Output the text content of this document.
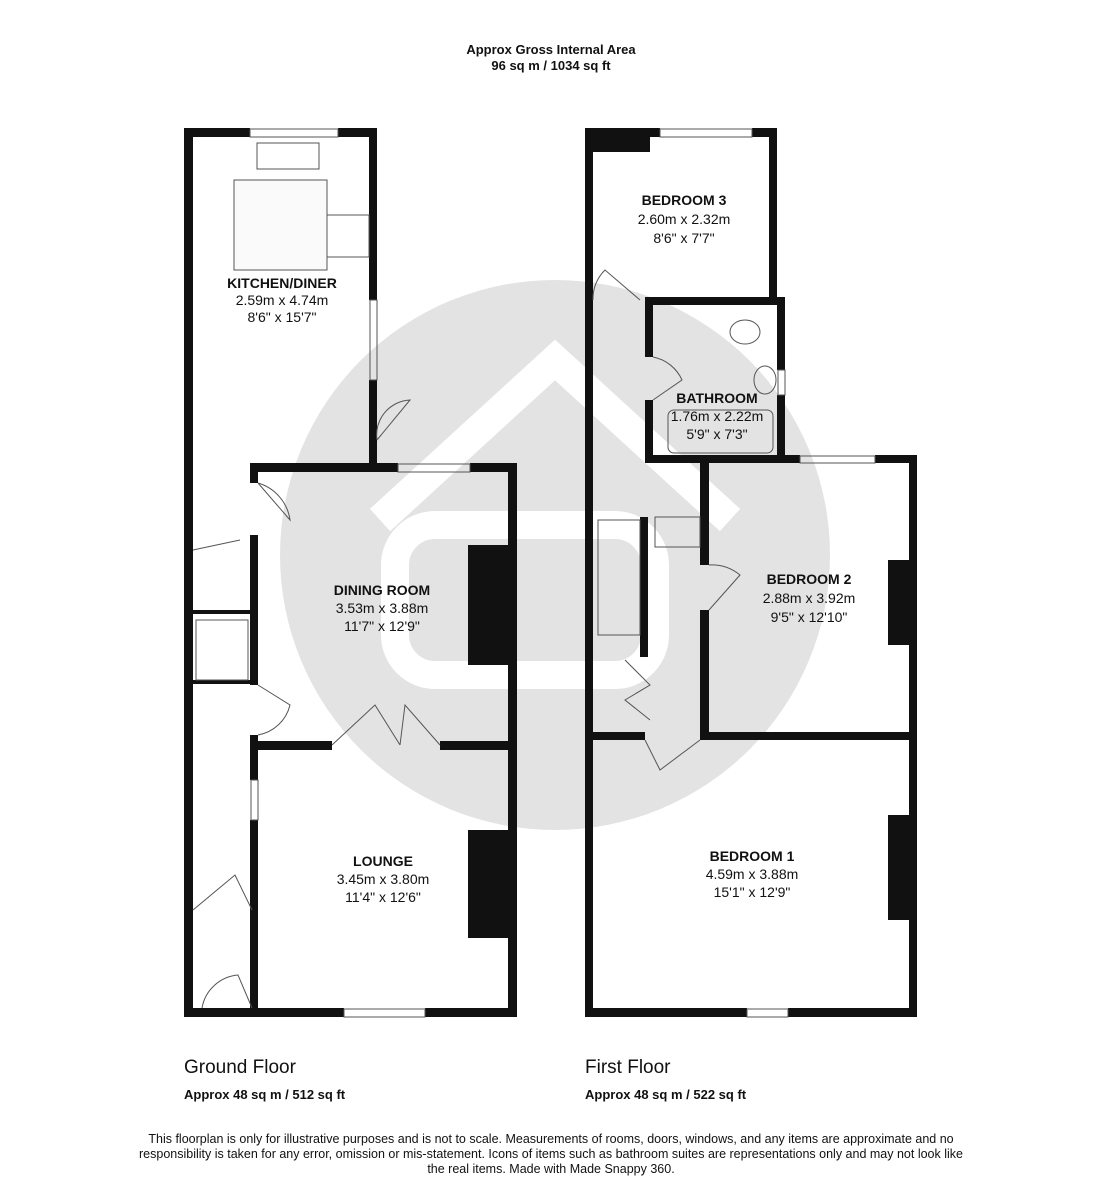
Approx Gross Internal Area
96 sq m / 1034 sq ft
KITCHEN/DINER
2.59m x 4.74m
8'6" x 15'7"
DINING ROOM
3.53m x 3.88m
11'7" x 12'9"
LOUNGE
3.45m x 3.80m
11'4" x 12'6"
BEDROOM 3
2.60m x 2.32m
8'6" x 7'7"
BATHROOM
1.76m x 2.22m
5'9" x 7'3"
BEDROOM 2
2.88m x 3.92m
9'5" x 12'10"
BEDROOM 1
4.59m x 3.88m
15'1" x 12'9"
Ground Floor
Approx 48 sq m / 512 sq ft
First Floor
Approx 48 sq m / 522 sq ft
This floorplan is only for illustrative purposes and is not to scale. Measurements of rooms, doors, windows, and any items are approximate and no responsibility is taken for any error, omission or mis-statement. Icons of items such as bathroom suites are representations only and may not look like the real items. Made with Made Snappy 360.
